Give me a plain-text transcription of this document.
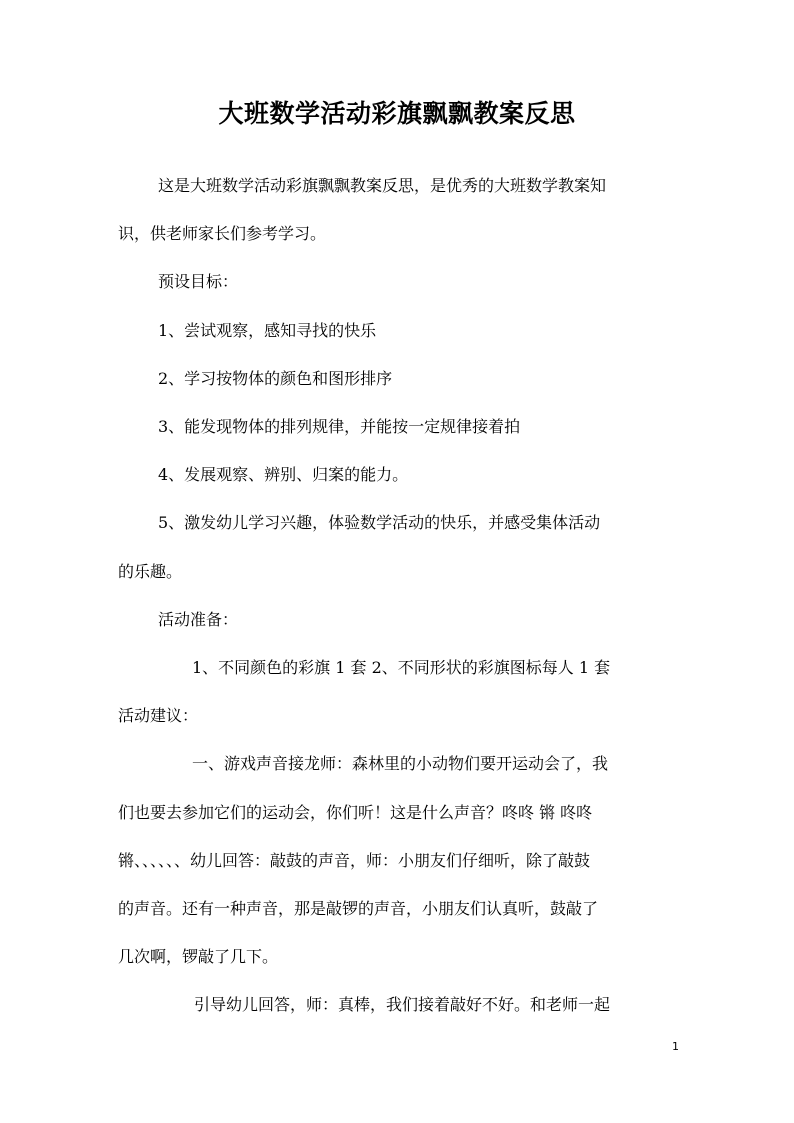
大班数学活动彩旗飘飘教案反思

这是大班数学活动彩旗飘飘教案反思，是优秀的大班数学教案知
识，供老师家长们参考学习。

预设目标：

1、尝试观察，感知寻找的快乐

2、学习按物体的颜色和图形排序

3、能发现物体的排列规律，并能按一定规律接着拍

4、发展观察、辨别、归案的能力。

5、激发幼儿学习兴趣，体验数学活动的快乐，并感受集体活动
的乐趣。

活动准备：

1、不同颜色的彩旗 1 套 2、不同形状的彩旗图标每人 1 套
活动建议：

一、游戏声音接龙师：森林里的小动物们要开运动会了，我
们也要去参加它们的运动会，你们听！这是什么声音？咚咚 锵 咚咚
锵、、、、、、幼儿回答：敲鼓的声音，师：小朋友们仔细听，除了敲鼓
的声音。还有一种声音，那是敲锣的声音，小朋友们认真听，鼓敲了
几次啊，锣敲了几下。

引导幼儿回答，师：真棒，我们接着敲好不好。和老师一起

1
